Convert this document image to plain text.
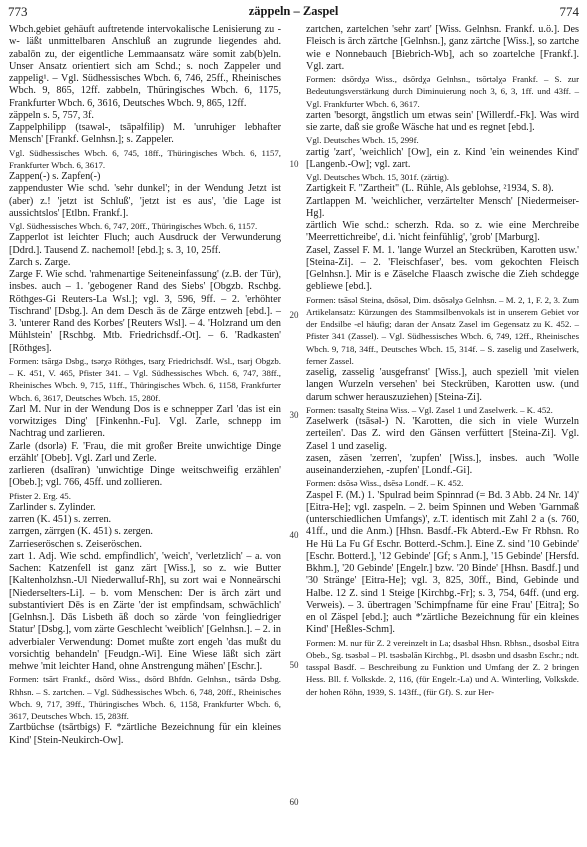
773	zäppeln – Zaspel	774

Wbch.gebiet gehäuft auftretende intervokalische Lenisierung zu -w- läßt unmittelbaren Anschluß an zugrunde liegendes ahd. zabalōn zu, der eigentliche Lemmaansatz wäre somit zab(b)eln. Unser Ansatz orientiert sich am Schd.; s. noch Zappeler und zappelig¹. – Vgl. Südhessisches Wbch. 6, 746, 25ff., Rheinisches Wbch. 9, 865, 12ff. zabbeln, Thüringisches Wbch. 6, 1175, Frankfurter Wbch. 6, 3616, Deutsches Wbch. 9, 865, 12ff.

zäppeln s. 5, 757, 3f.

Zappelphilipp (tsawəl-, tsāpəlfilip) M. 'unruhiger lebhafter Mensch' [Frankf. Gelnhsn.]; s. Zappeler.

Vgl. Südhessisches Wbch. 6, 745, 18ff., Thüringisches Wbch. 6, 1157, Frankfurter Wbch. 6, 3617.

Zappen(-) s. Zapfen(-)

zappenduster Wie schd. 'sehr dunkel'; in der Wendung Jetzt ist (aber) z.! 'jetzt ist Schluß', 'jetzt ist es aus', 'die Lage ist aussichtslos' [Etlbn. Frankf.].

Vgl. Südhessisches Wbch. 6, 747, 20ff., Thüringisches Wbch. 6, 1157.

Zapperlot ist leichter Fluch; auch Ausdruck der Verwunderung [Ddrd.]. Tausend Z. nachemol! [ebd.]; s. 3, 10, 25ff.

Zarch s. Zarge.

Zarge F. Wie schd. 'rahmenartige Seiteneinfassung' (z.B. der Tür), insbes. auch – 1. 'gebogener Rand des Siebs' [Obgzb. Rschbg. Röthges-Gi Reuters-La Wsl.]; vgl. 3, 596, 9ff. – 2. 'erhöhter Tischrand' [Dsbg.]. An dem Desch äs de Zärge entzweh [ebd.]. – 3. 'unterer Rand des Korbes' [Reuters Wsl]. – 4. 'Holzrand um den Mühlstein' [Rschbg. Mtb. Friedrichsdf.-Ot]. – 6. 'Radkasten' [Röthges].

Formen: tsārgə Dsbg., tsərχə Röthges, tsarχ Friedrichsdf. Wsl., tsarj Obgzb. – K. 451, V. 465, Pfister 341. – Vgl. Südhessisches Wbch. 6, 747, 38ff., Rheinisches Wbch. 9, 715, 11ff., Thüringisches Wbch. 6, 1158, Frankfurter Wbch. 6, 3617, Deutsches Wbch. 15, 280f.

Zarl M. Nur in der Wendung Dos is e schnepper Zarl 'das ist ein vorwitziges Ding' [Finkenhn.-Fu]. Vgl. Zarle, schnepp im Nachtrag und zarlieren.

Zarle (dsorlə) F. 'Frau, die mit großer Breite unwichtige Dinge erzählt' [Obeb]. Vgl. Zarl und Zerle.

zarlieren (dsalīrən) 'unwichtige Dinge weitschweifig erzählen' [Obeb.]; vgl. 766, 45ff. und zollieren.

Pfister 2. Erg. 45.

Zarlinder s. Zylinder.

zarren (K. 451) s. zerren.

zarrgen, zärrgen (K. 451) s. zergen.

Zarrieseröschen s. Zeiseröschen.

zart 1. Adj. Wie schd. empfindlich', 'weich', 'verletzlich' – a. von Sachen: Katzenfell ist ganz zärt [Wiss.], so z. wie Butter [Kaltenholzhsn.-Ul Niederwalluf-Rh], su zort wai e Nonneärschi [Niederselters-Li]. – b. vom Menschen: Der is ärch zärt und substantiviert Dēs is en Zärte 'der ist empfindsam, schwächlich' [Gelnhsn.]. Dās Lisbeth äß doch so zärde 'von feingliedriger Statur' [Dsbg.], vom zärte Geschlecht 'weiblich' [Gelnhsn.]. – 2. in adverbialer Verwendung: Domet mußte zort engeh 'das mußt du vorsichtig behandeln' [Feudgn.-Wi]. Eine Wiese läßt sich zärt mehwe 'mit leichter Hand, ohne Anstrengung mähen' [Eschr.].

Formen: tsārt Frankf., dsōrd Wiss., dsōrd Bhfdn. Gelnhsn., tsārdə Dsbg. Rhhsn. – S. zartchen. – Vgl. Südhessisches Wbch. 6, 748, 20ff., Rheinisches Wbch. 9, 717, 39ff., Thüringisches Wbch. 6, 1158, Frankfurter Wbch. 6, 3617, Deutsches Wbch. 15, 283ff.

Zartbüchse (tsārtbigs) F. *zärtliche Bezeichnung für ein kleines Kind' [Stein-Neukirch-Ow].

10
20
30
40
50
60

zartchen, zartelchen 'sehr zart' [Wiss. Gelnhsn. Frankf. u.ö.]. Des Fleisch is ärch zärtche [Gelnhsn.], ganz zärtche [Wiss.], so zartche wie e Nonnebauch [Biebrich-Wb], ach so zoartelche [Frankf.]. Vgl. zart.

Formen: dsōrdχə Wiss., dsōrdχə Gelnhsn., tsōrtəlχə Frankf. – S. zur Bedeutungsverstärkung durch Diminuierung noch 3, 6, 3, 1ff. und 43ff. – Vgl. Frankfurter Wbch. 6, 3617.

zarten 'besorgt, ängstlich um etwas sein' [Willerdf.-Fk]. Was wird sie zarte, daß sie große Wäsche hat und es regnet [ebd.].

Vgl. Deutsches Wbch. 15, 299f.

zartig 'zart', 'weichlich' [Ow], ein z. Kind 'ein weinendes Kind' [Langenb.-Ow]; vgl. zart.

Vgl. Deutsches Wbch. 15, 301f. (zärtig).

Zartigkeit F. "Zartheit" (L. Rühle, Als geblohse, ²1934, S. 8).

Zartlappen M. 'weichlicher, verzärtelter Mensch' [Niedermeiser-Hg].

zärtlich Wie schd.: scherzh. Rda. so z. wie eine Merchreibe 'Meerrettichreibe', d.i. 'nicht feinfühlig', 'grob' [Marburg].

Zasel, Zassel F. M. 1. 'lange Wurzel an Steckrüben, Karotten usw.' [Steina-Zi]. – 2. 'Fleischfaser', bes. vom gekochten Fleisch [Gelnhsn.]. Mir is e Zäselche Flaasch zwische die Zieh schdegge gebliewe [ebd.].

Formen: tsāsəl Steina, dsōsəl, Dim. dsōsəlχə Gelnhsn. – M. 2, 1, F. 2, 3. Zum Artikelansatz: Kürzungen des Stammsilbenvokals ist in unserem Gebiet vor der Endsilbe -el häufig; daran der Ansatz Zasel im Gegensatz zu K. 452. – Pfister 341 (Zassel). – Vgl. Südhessisches Wbch. 6, 749, 12ff., Rheinisches Wbch. 9, 718, 34ff., Deutsches Wbch. 15, 314f. – S. zaselig und Zaselwerk, ferner Zassel.

zaselig, zasselig 'ausgefranst' [Wiss.], auch speziell 'mit vielen langen Wurzeln versehen' bei Steckrüben, Karotten usw. (und darum schwer herauszuziehen) [Steina-Zi].

Formen: tsasalīχ Steina Wiss. – Vgl. Zasel 1 und Zaselwerk. – K. 452.

Zaselwerk (tsāsəl-) N. 'Karotten, die sich in viele Wurzeln zerteilen'. Das Z. wird den Gänsen verfüttert [Steina-Zi]. Vgl. Zasel 1 und zaselig.

zasen, zäsen 'zerren', 'zupfen' [Wiss.], insbes. auch 'Wolle auseinanderziehen, -zupfen' [Londf.-Gi].

Formen: dsōsə Wiss., dsēsə Londf. – K. 452.

Zaspel F. (M.) 1. 'Spulrad beim Spinnrad (= Bd. 3 Abb. 24 Nr. 14)' [Eitra-He]; vgl. zaspeln. – 2. beim Spinnen und Weben 'Garnmaß (unterschiedlichen Umfangs)', z.T. identisch mit Zahl 2 a (s. 760, 41ff., und die Anm.) [Hhsn. Basdf.-Fk Abterd.-Ew Fr Rbhsn. Ro He Hü La Fu Gf Eschr. Botterd.-Schm.]. Eine Z. sind '10 Gebinde' [Eschr. Botterd.], '12 Gebinde' [Gf; s Anm.], '15 Gebinde' [Hersfd. Bkhm.], '20 Gebinde' [Engelr.] bzw. '20 Binde' [Hhsn. Basdf.] und '30 Stränge' [Eitra-He]; vgl. 3, 825, 30ff., Bind, Gebinde und Halbe. 12 Z. sind 1 Steige [Kirchbg.-Fr]; s. 3, 754, 64ff. (und erg. Verweis). – 3. übertragen 'Schimpfname für eine Frau' [Eitra]; So en ol Zäspel [ebd.]; auch *'zärtliche Bezeichnung für ein kleines Kind' [Heßles-Schm].

Formen: M. nur für Z. 2 vereinzelt in La; dsasbəl Hhsn. Rbhsn., dsosbəl Eitra Obeb., Sg. tsəsbəl – Pl. tsəsbəlān Kirchbg., Pl. dsəsbn und dsasbn Eschr.; ndt. tasspəl Basdf. – Beschreibung zu Funktion und Umfang der Z. 2 bringen Hess. Bll. f. Volkskde. 2, 116, (für Engelr.-La) und A. Winterling, Volkskde. der hohen Röhn, 1939, S. 143ff., (für Gf). S. zur Her-
